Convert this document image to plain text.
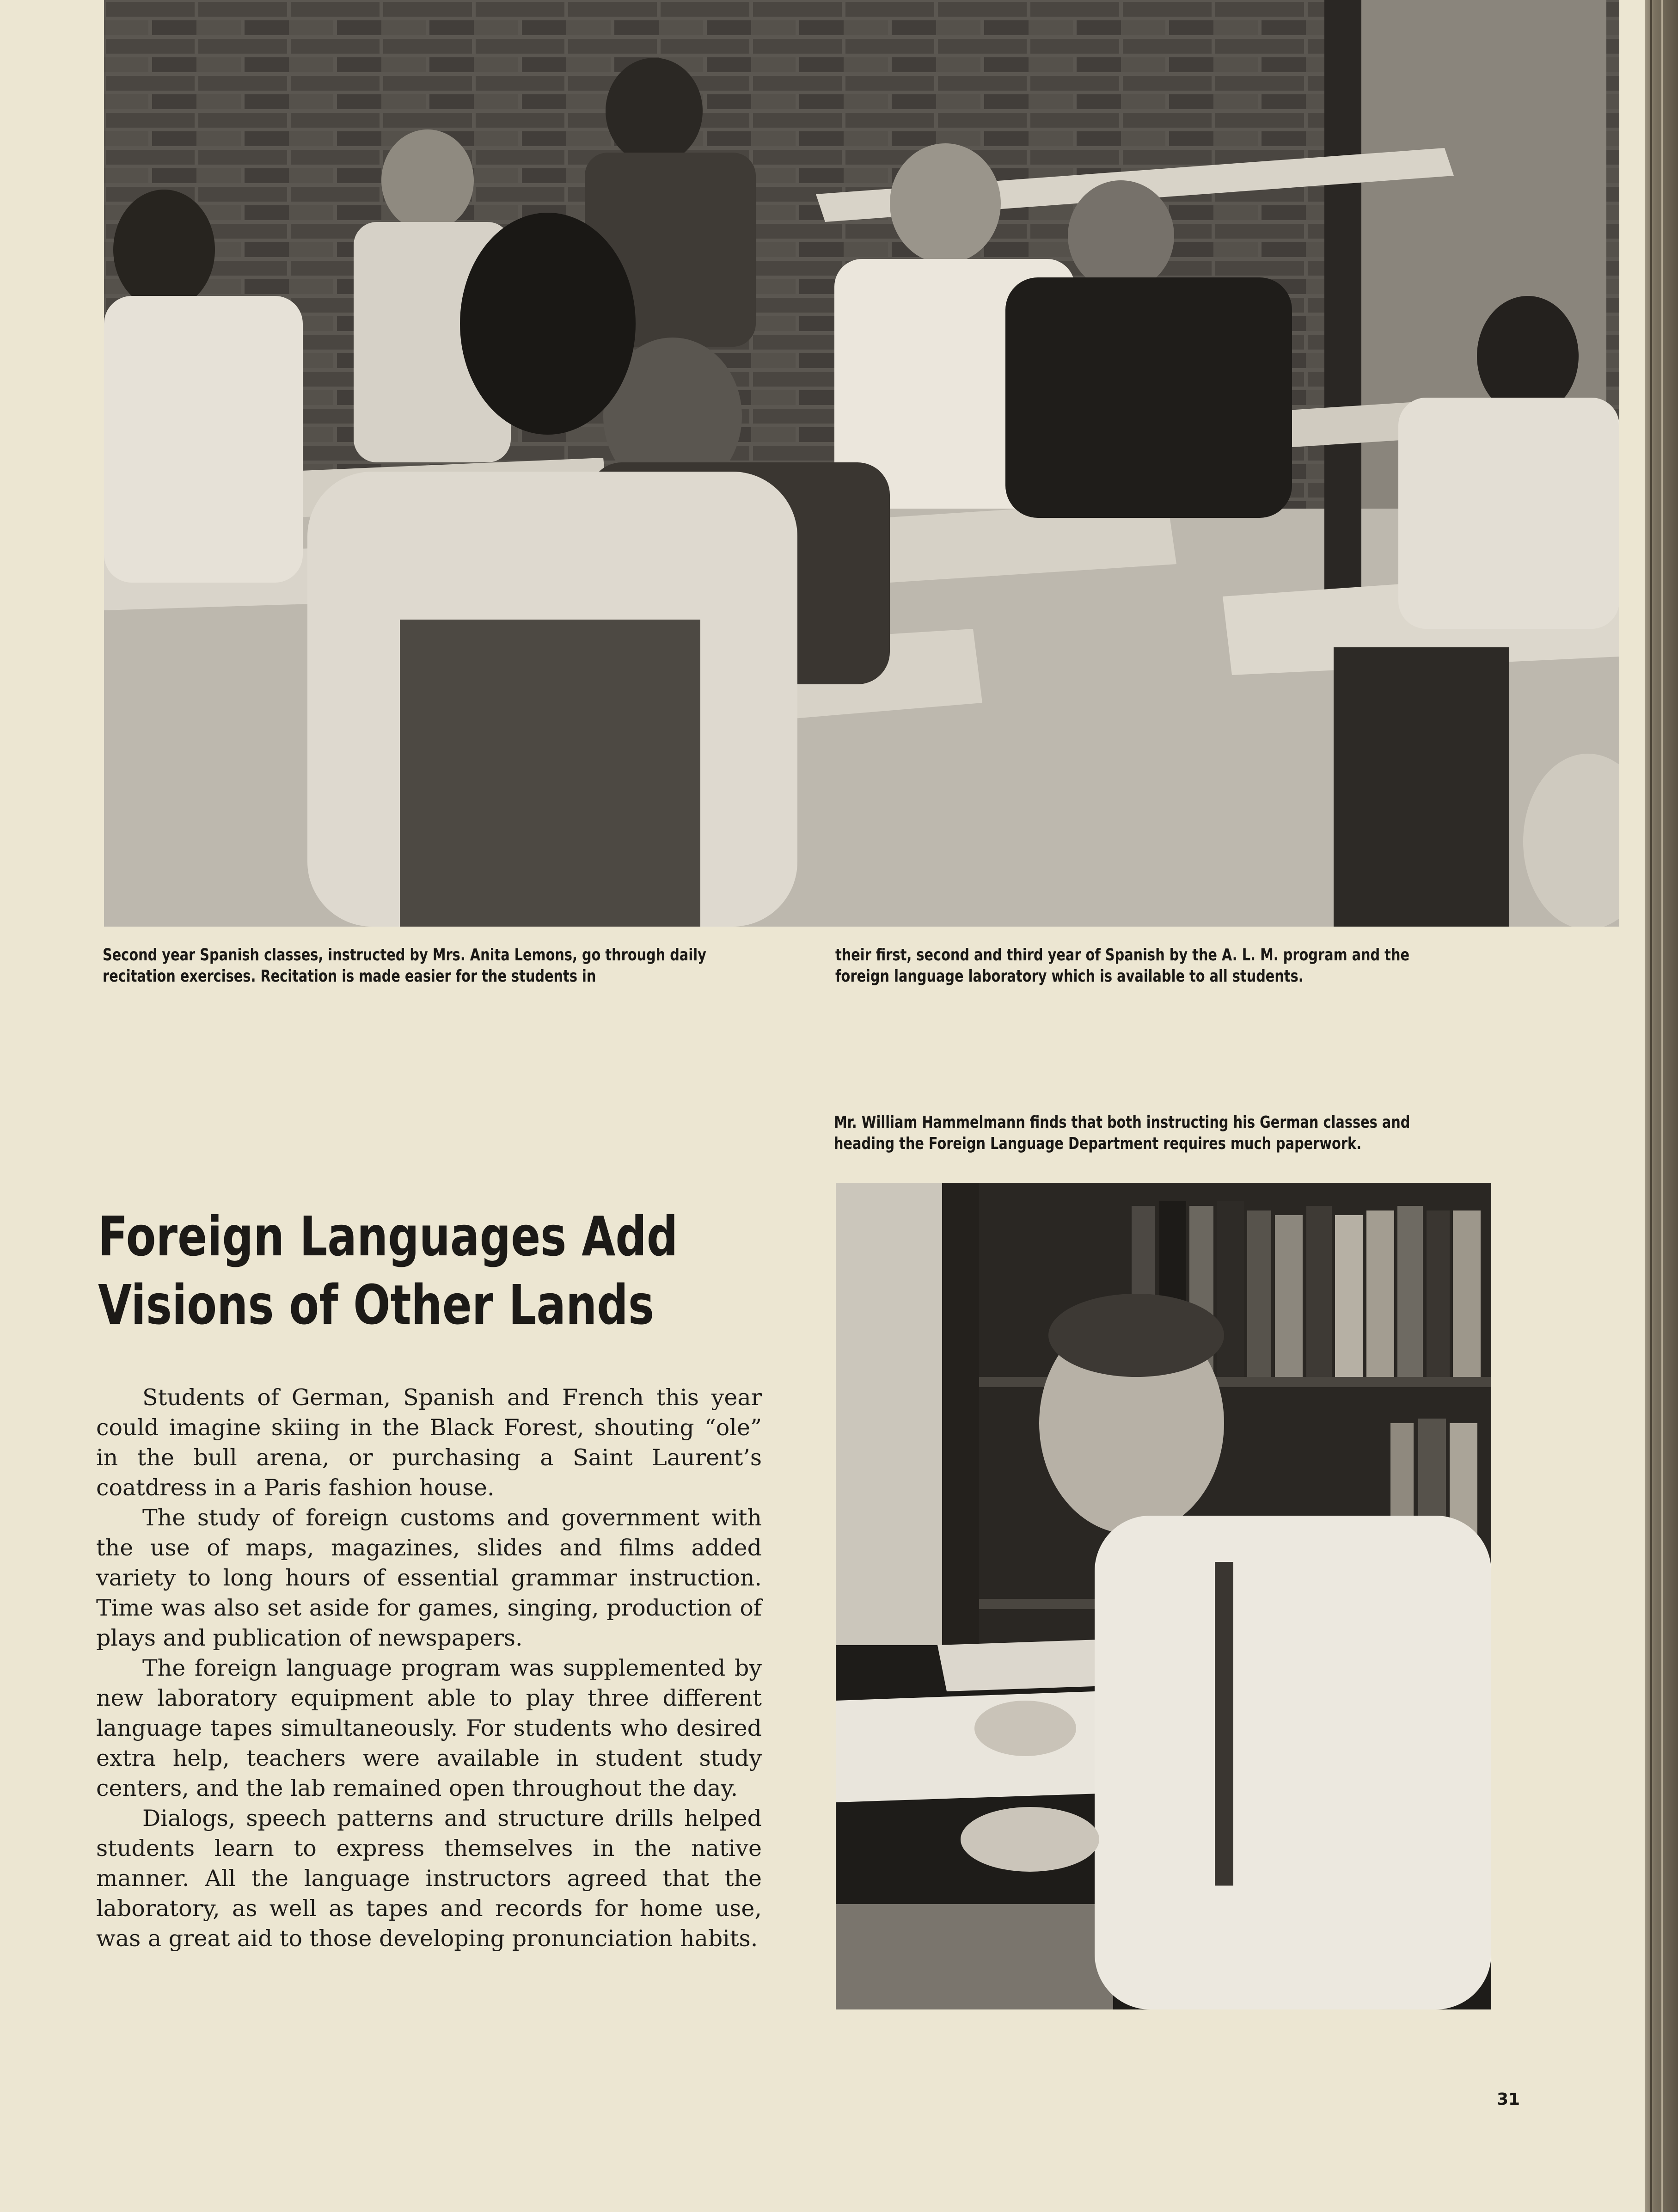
Second year Spanish classes, instructed by Mrs. Anita Lemons, go through daily recitation exercises. Recitation is made easier for the students in

their first, second and third year of Spanish by the A. L. M. program and the foreign language laboratory which is available to all students.

Mr. William Hammelmann finds that both instructing his German classes and heading the Foreign Language Department requires much paperwork.

Foreign Languages Add
Visions of Other Lands

Students of German, Spanish and French this year could imagine skiing in the Black Forest, shouting “ole” in the bull arena, or purchasing a Saint Laurent’s coatdress in a Paris fashion house.

The study of foreign customs and government with the use of maps, magazines, slides and films added variety to long hours of essential grammar instruction. Time was also set aside for games, singing, production of plays and publication of newspapers.

The foreign language program was supplemented by new laboratory equipment able to play three different language tapes simultaneously. For students who desired extra help, teachers were available in student study centers, and the lab remained open throughout the day.

Dialogs, speech patterns and structure drills helped students learn to express themselves in the native manner. All the language instructors agreed that the laboratory, as well as tapes and records for home use, was a great aid to those developing pronunciation habits.

31
